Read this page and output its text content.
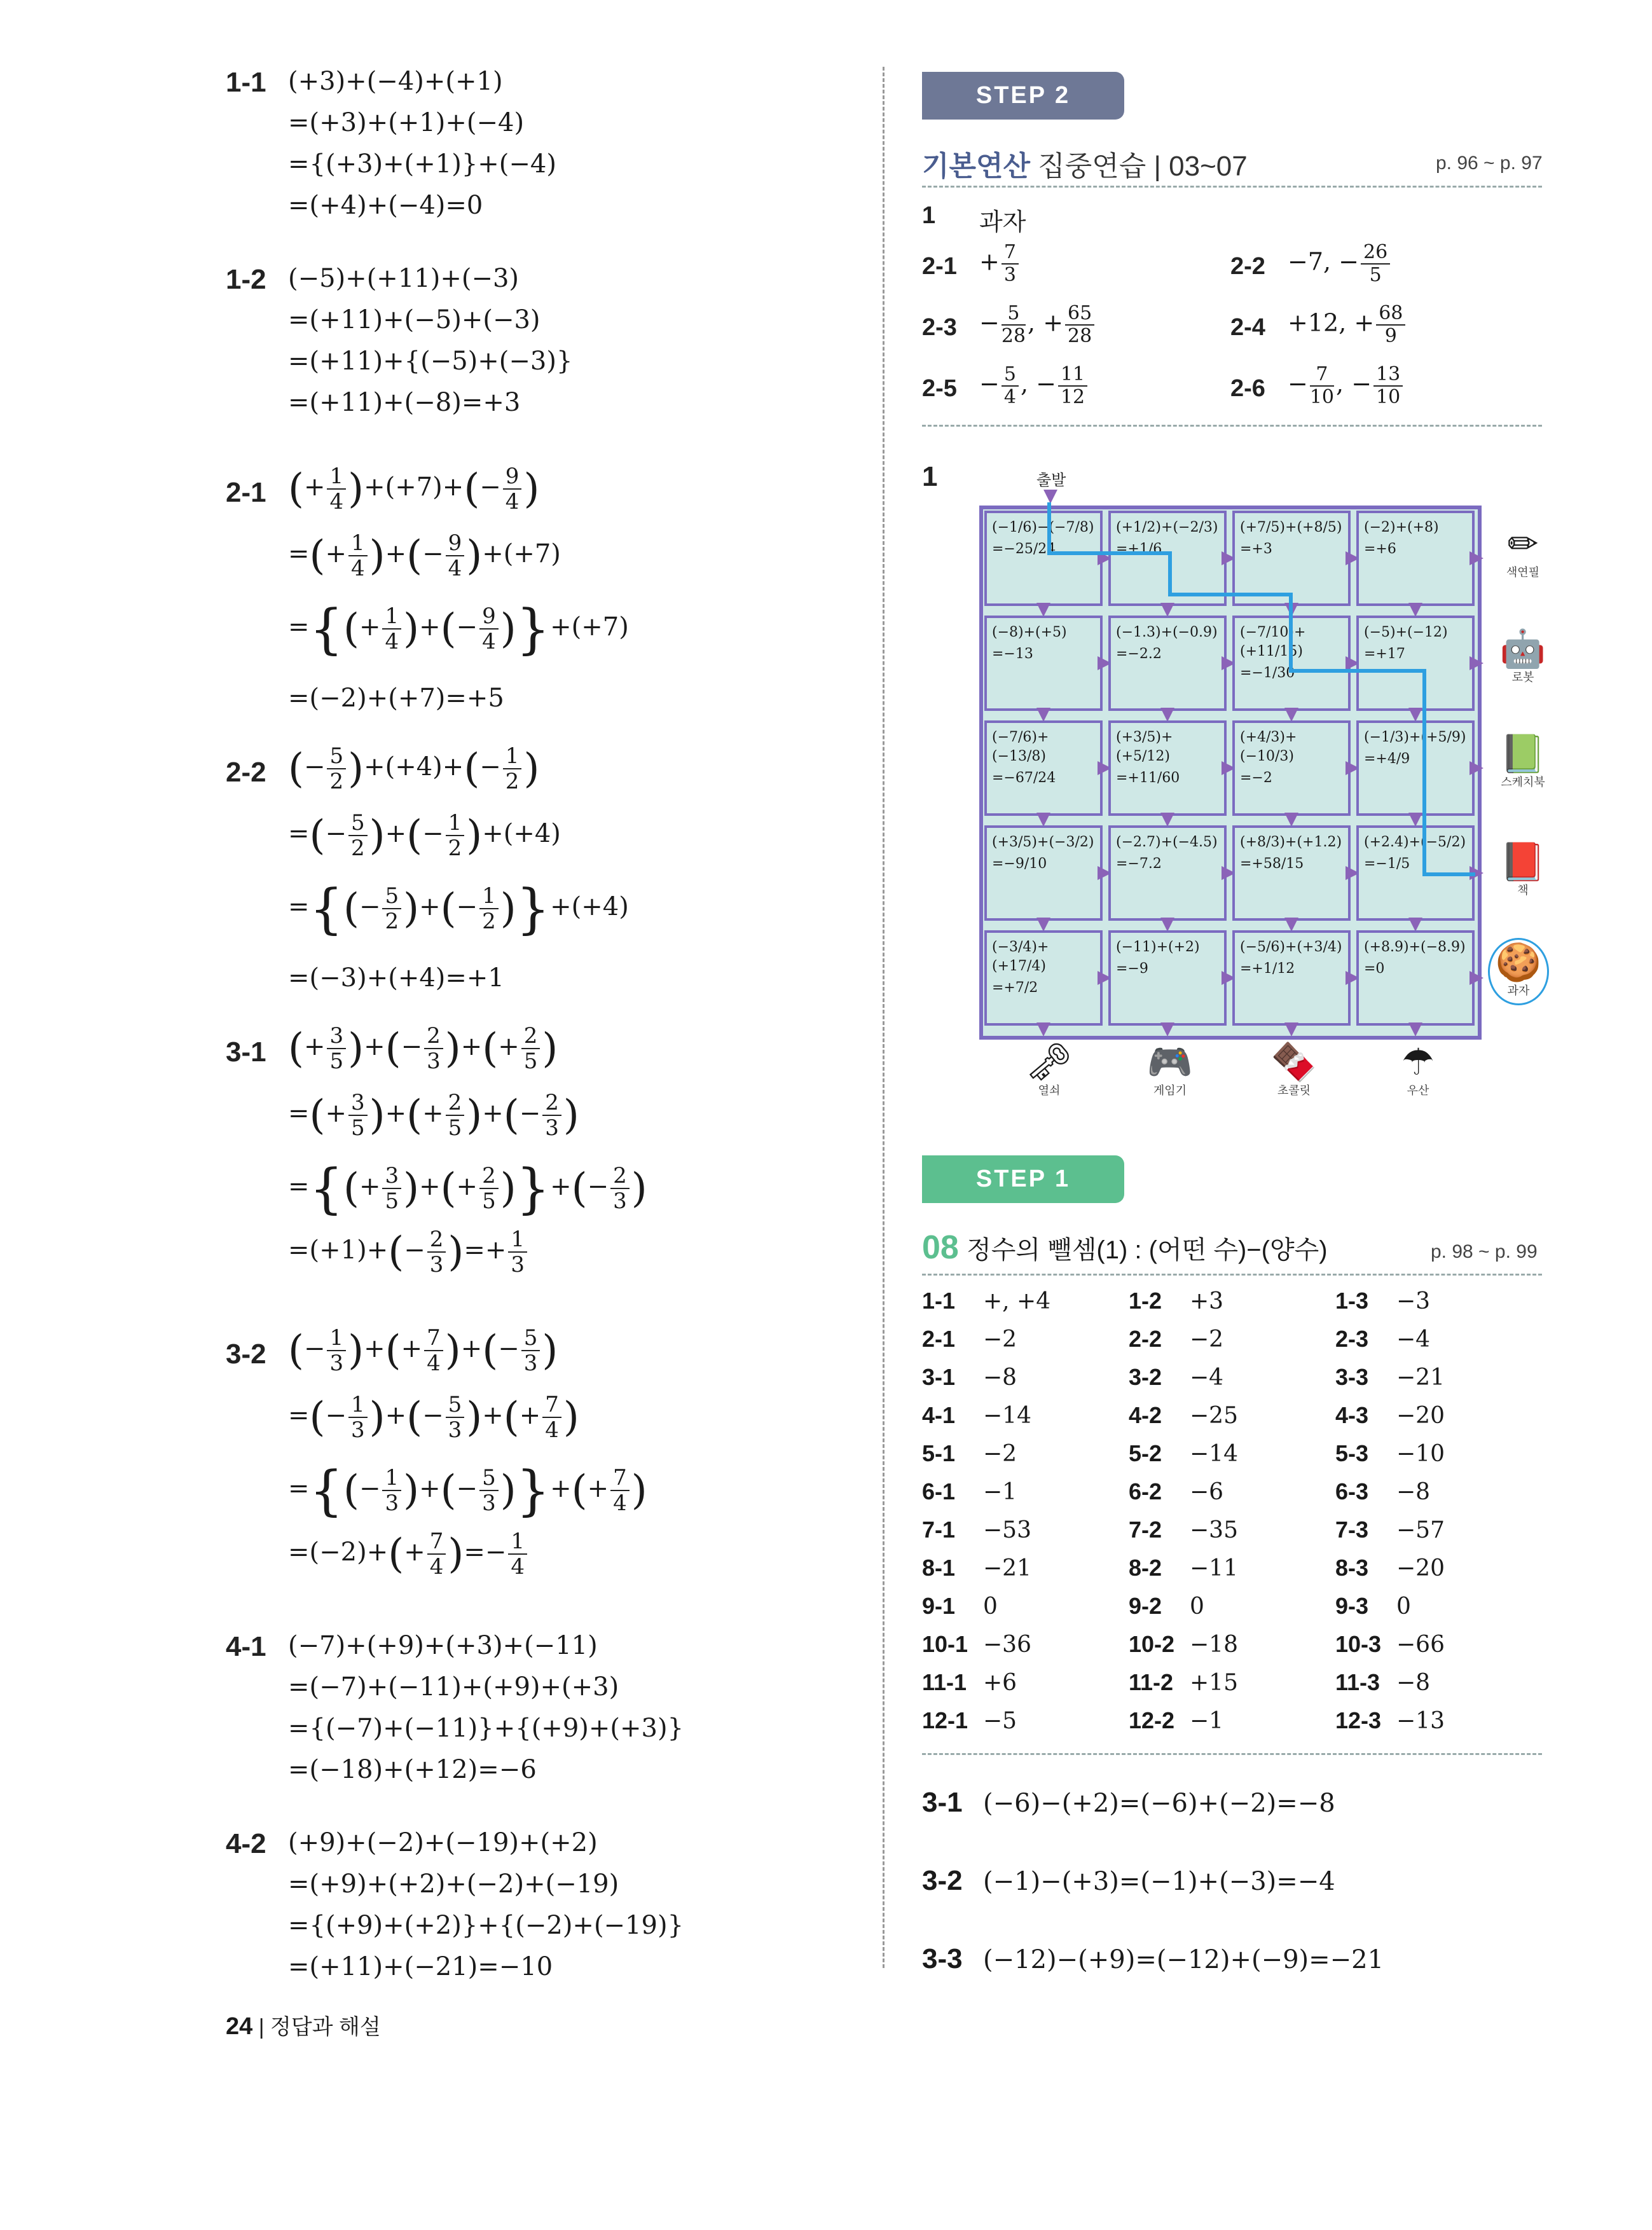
1-1 (+3)+(−4)+(+1)
=(+3)+(+1)+(−4)
={(+3)+(+1)}+(−4)
=(+4)+(−4)=0
1-2 (−5)+(+11)+(−3)
=(+11)+(−5)+(−3)
=(+11)+{(−5)+(−3)}
=(+11)+(−8)=+3
2-1 (+ $\frac{1}{4} )+(+7)+(- \frac{9}{4}$ )
=(+ $\frac{1}{4}$ )+(− $\frac{9}{4} )+(+7)$
={(+ $\frac{1}{4}$ )+(− $\frac{9}{4} )\}+(+7)$
=(−2)+(+7)=+5
2-2 (− $\frac{5}{2} )+(+4)+(- \frac{1}{2}$ )
=(− $\frac{5}{2}$ )+(− $\frac{1}{2} )+(+4)$
={(− $\frac{5}{2}$ )+(− $\frac{1}{2} )\}+(+4)$
=(−3)+(+4)=+1
3-1 (+ $\frac{3}{5}$ )+(− $\frac{2}{3}$ )+(+ $\frac{2}{5}$ )
=(+ $\frac{3}{5}$ )+(+ $\frac{2}{5}$ )+(− $\frac{2}{3}$ )
={(+ $\frac{3}{5}$ )+(+ $\frac{2}{5}$ )}+(− $\frac{2}{3}$ )
$=(+1)+(- \frac{2}{3}$ )=+ $\frac{1}{3}$
3-2 (− $\frac{1}{3}$ )+(+ $\frac{7}{4}$ )+(− $\frac{5}{3}$ )
=(− $\frac{1}{3}$ )+(− $\frac{5}{3}$ )+(+ $\frac{7}{4}$ )
={(− $\frac{1}{3}$ )+(− $\frac{5}{3}$ )}+(+ $\frac{7}{4}$ )
$=(-2)+(+ \frac{7}{4}$ )=− $\frac{1}{4}$
4-1 (−7)+(+9)+(+3)+(−11)
=(−7)+(−11)+(+9)+(+3)
={(−7)+(−11)}+{(+9)+(+3)}
=(−18)+(+12)=−6
4-2 (+9)+(−2)+(−19)+(+2)
=(+9)+(+2)+(−2)+(−19)
={(+9)+(+2)}+{(−2)+(−19)}
=(+11)+(−21)=−10
STEP 2
기본연산 집중연습 | 03~07	p. 96 ~ p. 97
1 과자
$2-1 + \frac{7}{3}$	2-2 −7, − $\frac{26}{5}$
$2-3 - \frac{5}{28}$ , + $\frac{65}{28}$	2-4 +12, + $\frac{68}{9}$
$2-5 - \frac{5}{4}$ , − $\frac{11}{12}$	$2-6 - \frac{7}{10}$ , − $\frac{13}{10}$
1	출발
(−1/6)−(−7/8)
=−25/24
(+1/2)+(−2/3)
=+1/6
(+7/5)+(+8/5)
=+3
(−2)+(+8)
=+6
(−8)+(+5)
=−13
(−1.3)+(−0.9)
=−2.2
(−7/10)+(+11/15)
=−1/30
(−5)+(−12)
=+17
(−7/6)+(−13/8)
=−67/24
(+3/5)+(+5/12)
=+11/60
(+4/3)+(−10/3)
=−2
(−1/3)+(+5/9)
=+4/9
(+3/5)+(−3/2)
=−9/10
(−2.7)+(−4.5)
=−7.2
(+8/3)+(+1.2)
=+58/15
(+2.4)+(−5/2)
=−1/5
(−3/4)+(+17/4)
=+7/2
(−11)+(+2)
=−9
(−5/6)+(+3/4)
=+1/12
(+8.9)+(−8.9)
=0
✏
색연필
🤖
로봇
📗
스케치북
📕
책
🍪
과자
🗝
열쇠
🎮
게임기
🍫
초콜릿
☂
우산
STEP 1
08 정수의 뺄셈(1) : (어떤 수)−(양수)	p. 98 ~ p. 99
1-1 +, +4	1-2 +3	1-3 −3
2-1 −2	2-2 −2	2-3 −4
3-1 −8	3-2 −4	3-3 −21
4-1 −14	4-2 −25	4-3 −20
5-1 −2	5-2 −14	5-3 −10
6-1 −1	6-2 −6	6-3 −8
7-1 −53	7-2 −35	7-3 −57
8-1 −21	8-2 −11	8-3 −20
9-1 0	9-2 0	9-3 0
10-1 −36	10-2 −18	10-3 −66
11-1 +6	11-2 +15	11-3 −8
12-1 −5	12-2 −1	12-3 −13
3-1 (−6)−(+2)=(−6)+(−2)=−8
3-2 (−1)−(+3)=(−1)+(−3)=−4
3-3 (−12)−(+9)=(−12)+(−9)=−21
24 | 정답과 해설
